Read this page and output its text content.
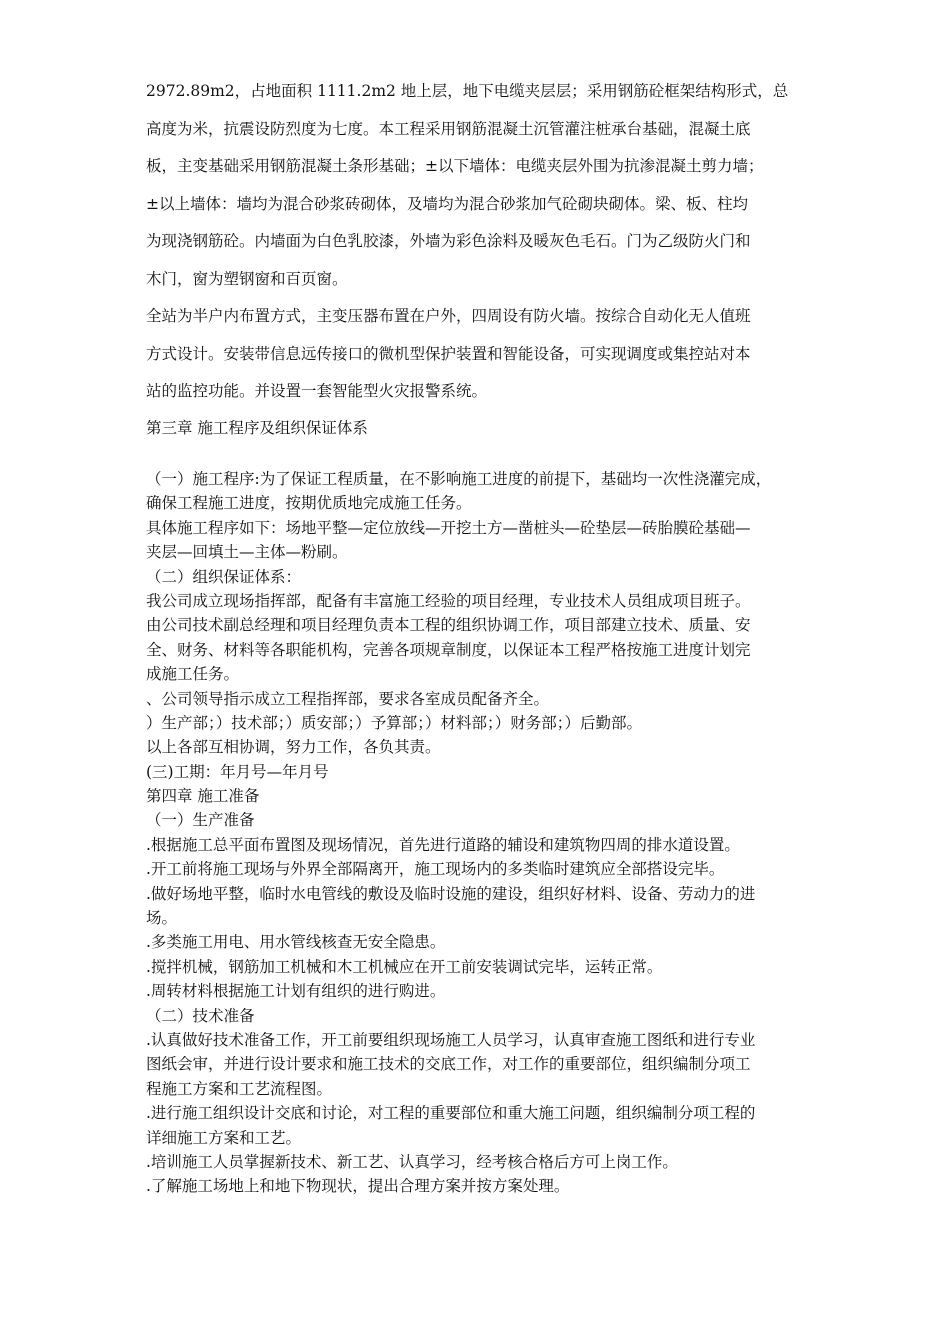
2972.89m2，占地面积 1111.2m2 地上层，地下电缆夹层层；采用钢筋砼框架结构形式，总
高度为米，抗震设防烈度为七度。本工程采用钢筋混凝土沉管灌注桩承台基础，混凝土底
板，主变基础采用钢筋混凝土条形基础；±以下墙体：电缆夹层外围为抗渗混凝土剪力墙；
±以上墙体：墙均为混合砂浆砖砌体，及墙均为混合砂浆加气砼砌块砌体。梁、板、柱均
为现浇钢筋砼。内墙面为白色乳胶漆，外墙为彩色涂料及暖灰色毛石。门为乙级防火门和
木门，窗为塑钢窗和百页窗。
全站为半户内布置方式，主变压器布置在户外，四周设有防火墙。按综合自动化无人值班
方式设计。安装带信息远传接口的微机型保护装置和智能设备，可实现调度或集控站对本
站的监控功能。并设置一套智能型火灾报警系统。
第三章 施工程序及组织保证体系
（一）施工程序:为了保证工程质量，在不影响施工进度的前提下，基础均一次性浇灌完成，
确保工程施工进度，按期优质地完成施工任务。
具体施工程序如下：场地平整—定位放线—开挖土方—凿桩头—砼垫层—砖胎膜砼基础—
夹层—回填土—主体—粉刷。
（二）组织保证体系：
我公司成立现场指挥部，配备有丰富施工经验的项目经理，专业技术人员组成项目班子。
由公司技术副总经理和项目经理负责本工程的组织协调工作，项目部建立技术、质量、安
全、财务、材料等各职能机构，完善各项规章制度，以保证本工程严格按施工进度计划完
成施工任务。
、公司领导指示成立工程指挥部，要求各室成员配备齐全。
）生产部；）技术部；）质安部；）予算部；）材料部；）财务部；）后勤部。
以上各部互相协调，努力工作，各负其责。
(三)工期：年月号—年月号
第四章 施工准备
（一）生产准备
.根据施工总平面布置图及现场情况，首先进行道路的辅设和建筑物四周的排水道设置。
.开工前将施工现场与外界全部隔离开，施工现场内的多类临时建筑应全部搭设完毕。
.做好场地平整，临时水电管线的敷设及临时设施的建设，组织好材料、设备、劳动力的进
场。
.多类施工用电、用水管线核查无安全隐患。
.搅拌机械，钢筋加工机械和木工机械应在开工前安装调试完毕，运转正常。
.周转材料根据施工计划有组织的进行购进。
（二）技术准备
.认真做好技术准备工作，开工前要组织现场施工人员学习，认真审查施工图纸和进行专业
图纸会审，并进行设计要求和施工技术的交底工作，对工作的重要部位，组织编制分项工
程施工方案和工艺流程图。
.进行施工组织设计交底和讨论，对工程的重要部位和重大施工问题，组织编制分项工程的
详细施工方案和工艺。
.培训施工人员掌握新技术、新工艺、认真学习，经考核合格后方可上岗工作。
.了解施工场地上和地下物现状，提出合理方案并按方案处理。
